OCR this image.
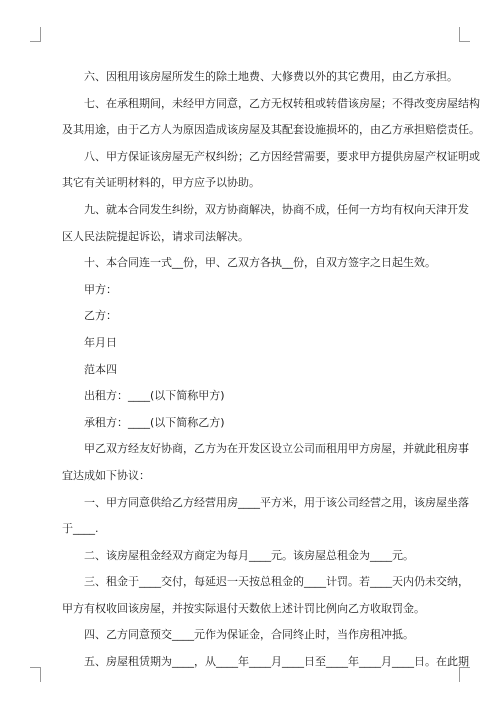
六、因租用该房屋所发生的除土地费、大修费以外的其它费用，由乙方承担。

七、在承租期间，未经甲方同意，乙方无权转租或转借该房屋；不得改变房屋结构

及其用途，由于乙方人为原因造成该房屋及其配套设施损坏的，由乙方承担赔偿责任。

八、甲方保证该房屋无产权纠纷；乙方因经营需要，要求甲方提供房屋产权证明或

其它有关证明材料的，甲方应予以协助。

九、就本合同发生纠纷，双方协商解决，协商不成，任何一方均有权向天津开发

区人民法院提起诉讼，请求司法解决。

十、本合同连一式__份，甲、乙双方各执__份，自双方签字之日起生效。

甲方：

乙方：

年月日

范本四

出租方：____(以下简称甲方)

承租方：____(以下简称乙方)

甲乙双方经友好协商，乙方为在开发区设立公司而租用甲方房屋，并就此租房事

宜达成如下协议：

一、甲方同意供给乙方经营用房____平方米，用于该公司经营之用，该房屋坐落

于____.

二、该房屋租金经双方商定为每月____元。该房屋总租金为____元。

三、租金于____交付，每延迟一天按总租金的____计罚。若____天内仍未交纳，

甲方有权收回该房屋，并按实际退付天数依上述计罚比例向乙方收取罚金。

四、乙方同意预交____元作为保证金，合同终止时，当作房租冲抵。

五、房屋租赁期为____，从____年____月____日至____年____月____日。在此期
